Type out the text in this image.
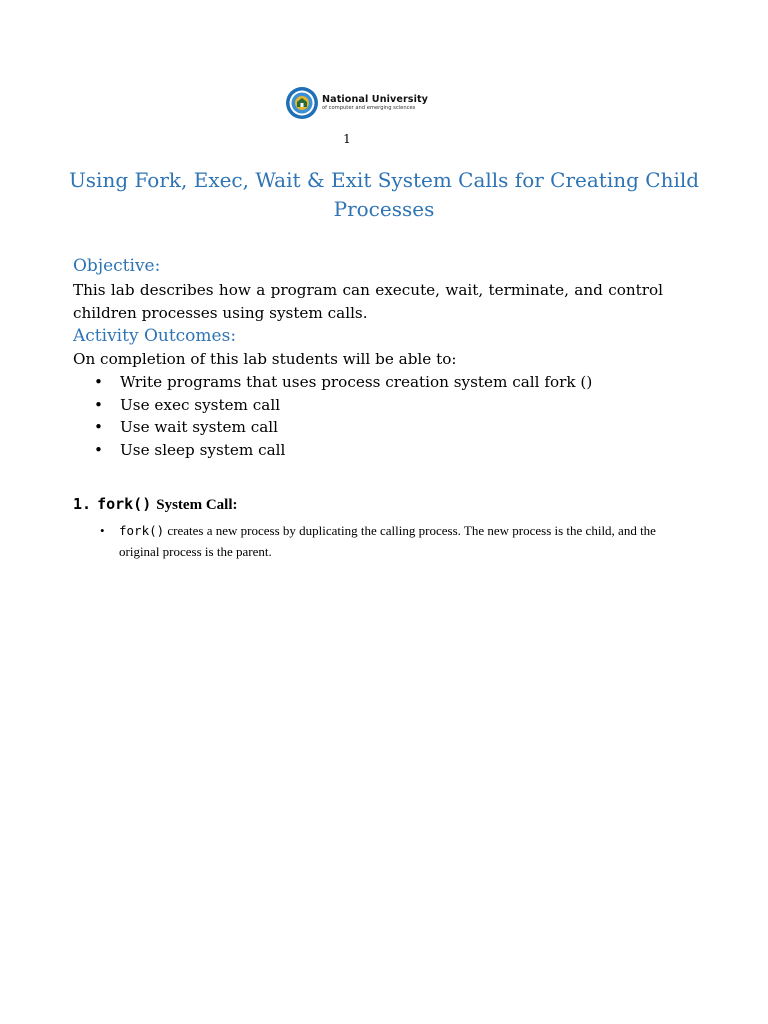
National University
of computer and emerging sciences
1
Using Fork, Exec, Wait & Exit System Calls for Creating Child Processes
Objective:

This lab describes how a program can execute, wait, terminate, and control children processes using system calls.

Activity Outcomes:

On completion of this lab students will be able to:

• Write programs that uses process creation system call fork ()
• Use exec system call
• Use wait system call
• Use sleep system call
1. fork() System Call:
• fork() creates a new process by duplicating the calling process. The new process is the child, and the original process is the parent.
